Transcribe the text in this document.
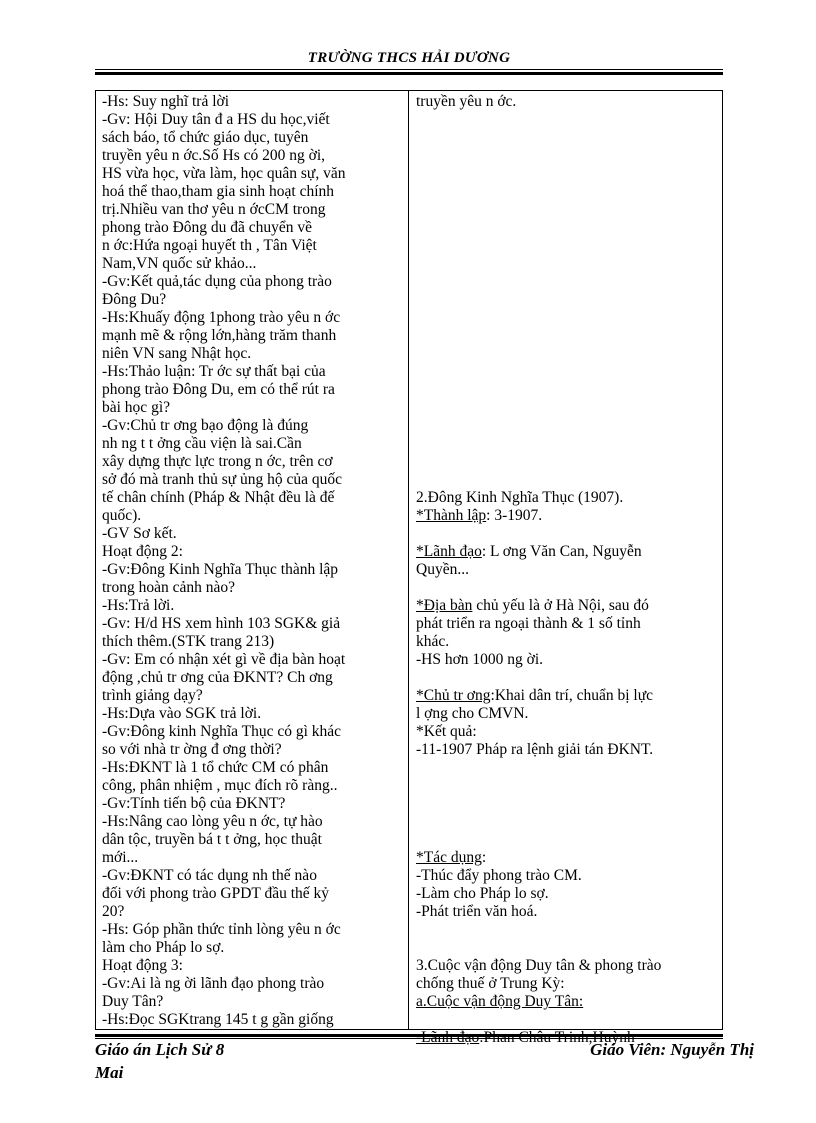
TRƯỜNG THCS HẢI DƯƠNG
-Hs: Suy nghĩ trả lời
-Gv: Hội Duy tân đ a HS du học,viết
sách báo, tổ chức giáo dục, tuyên
truyền yêu n ớc.Số Hs có 200 ng ời,
HS vừa học, vừa làm, học quân sự, văn
hoá thể thao,tham gia sinh hoạt chính
trị.Nhiều van thơ yêu n ớcCM trong
phong trào Đông du đã chuyển về
n ớc:Hứa ngoại huyết th , Tân Việt
Nam,VN quốc sử khảo...
-Gv:Kết quả,tác dụng của phong trào
Đông Du?
-Hs:Khuấy động 1phong trào yêu n ớc
mạnh mẽ & rộng lớn,hàng trăm thanh
niên VN sang Nhật học.
-Hs:Thảo luận: Tr ớc sự thất bại của
phong trào Đông Du, em có thể rút ra
bài học gì?
-Gv:Chủ tr ơng bạo động là đúng
nh ng t t ởng cầu viện là sai.Cần
xây dựng thực lực trong n ớc, trên cơ
sở đó mà tranh thủ sự ủng hộ của quốc
tế chân chính (Pháp & Nhật đều là đế
quốc).
-GV Sơ kết.
Hoạt động 2:
-Gv:Đông Kinh Nghĩa Thục thành lập
trong hoàn cảnh nào?
-Hs:Trả lời.
-Gv: H/d HS xem hình 103 SGK& giả
thích thêm.(STK trang 213)
-Gv: Em có nhận xét gì về địa bàn hoạt
động ,chủ tr ơng của ĐKNT? Ch ơng
trình giảng dạy?
-Hs:Dựa vào SGK trả lời.
-Gv:Đông kinh Nghĩa Thục có gì khác
so với nhà tr ờng đ ơng thời?
-Hs:ĐKNT là 1 tổ chức CM có phân
công, phân nhiệm , mục đích rõ ràng..
-Gv:Tính tiến bộ của ĐKNT?
-Hs:Nâng cao lòng yêu n ớc, tự hào
dân tộc, truyền bá t t ởng, học thuật
mới...
-Gv:ĐKNT có tác dụng nh thế nào
đối với phong trào GPDT đầu thế kỷ
20?
-Hs: Góp phần thức tỉnh lòng yêu n ớc
làm cho Pháp lo sợ.
Hoạt động 3:
-Gv:Ai là ng ời lãnh đạo phong trào
Duy Tân?
-Hs:Đọc SGKtrang 145 t g gần giống
truyền yêu n ớc.
2.Đông Kinh Nghĩa Thục (1907).
*Thành lập: 3-1907.
*Lãnh đạo: L ơng Văn Can, Nguyễn
Quyền...
*Địa bàn chủ yếu là ở Hà Nội, sau đó
phát triển ra ngoại thành & 1 số tỉnh
khác.
-HS hơn 1000 ng ời.
*Chủ tr ơng:Khai dân trí, chuẩn bị lực
l ợng cho CMVN.
*Kết quả:
-11-1907 Pháp ra lệnh giải tán ĐKNT.
*Tác dụng:
-Thúc đẩy phong trào CM.
-Làm cho Pháp lo sợ.
-Phát triển văn hoá.
3.Cuộc vận động Duy tân & phong trào
chống thuế ở Trung Kỳ:
a.Cuộc vận động Duy Tân:
-Lãnh đạo:Phan Châu Trinh,Huỳnh
Giáo án Lịch Sử 8	Giáo Viên: Nguyễn Thị
Mai
